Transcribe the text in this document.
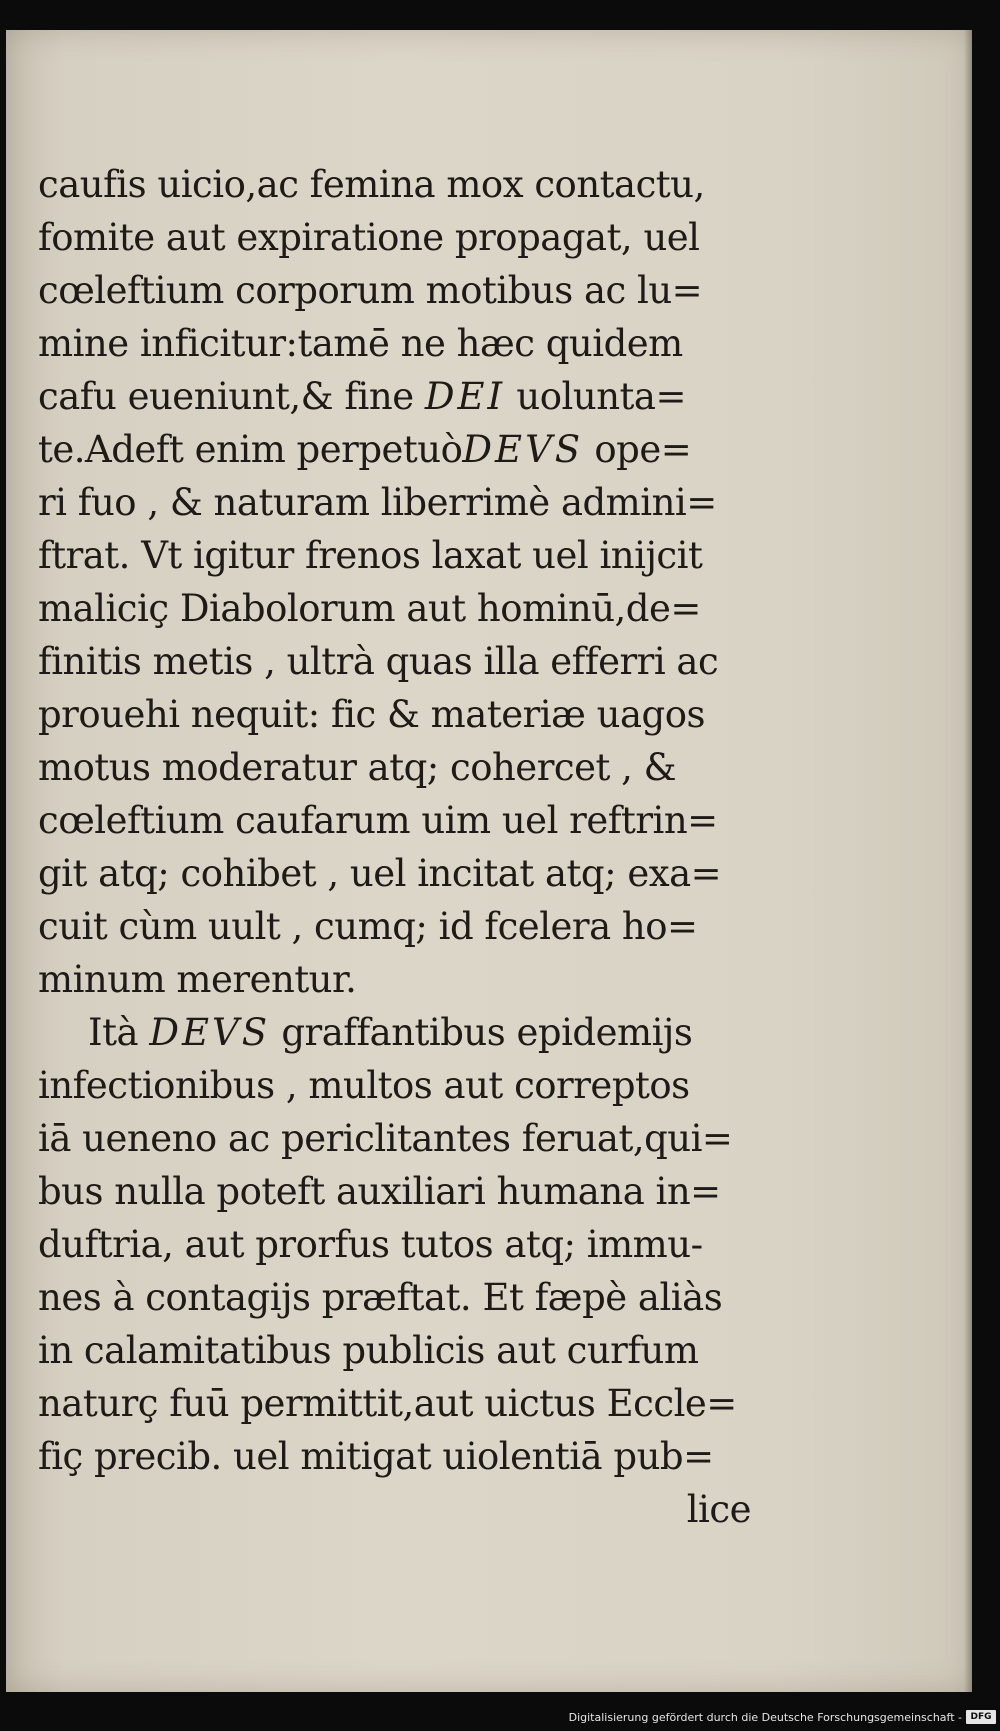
caufis uicio,ac femina mox contactu,
fomite aut expiratione propagat, uel
cœleftium corporum motibus ac lu=
mine inficitur:tamē ne hæc quidem
cafu eueniunt,& fine DEI uolunta=
te.Adeft enim perpetuòDEVS ope=
ri fuo , & naturam liberrimè admini=
ftrat. Vt igitur frenos laxat uel inijcit
maliciç Diabolorum aut hominū,de=
finitis metis , ultrà quas illa efferri ac
prouehi nequit: fic & materiæ uagos
motus moderatur atq; cohercet , &
cœleftium caufarum uim uel reftrin=
git atq; cohibet , uel incitat atq; exa=
cuit cùm uult , cumq; id fcelera ho=
minum merentur.
Ità DEVS graffantibus epidemijs
infectionibus , multos aut correptos
iā ueneno ac periclitantes feruat,qui=
bus nulla poteft auxiliari humana in=
duftria, aut prorfus tutos atq; immu-
nes à contagijs præftat. Et fæpè aliàs
in calamitatibus publicis aut curfum
naturç fuū permittit,aut uictus Eccle=
fiç precib. uel mitigat uiolentiā pub=
lice
Digitalisierung gefördert durch die Deutsche Forschungsgemeinschaft - DFG
